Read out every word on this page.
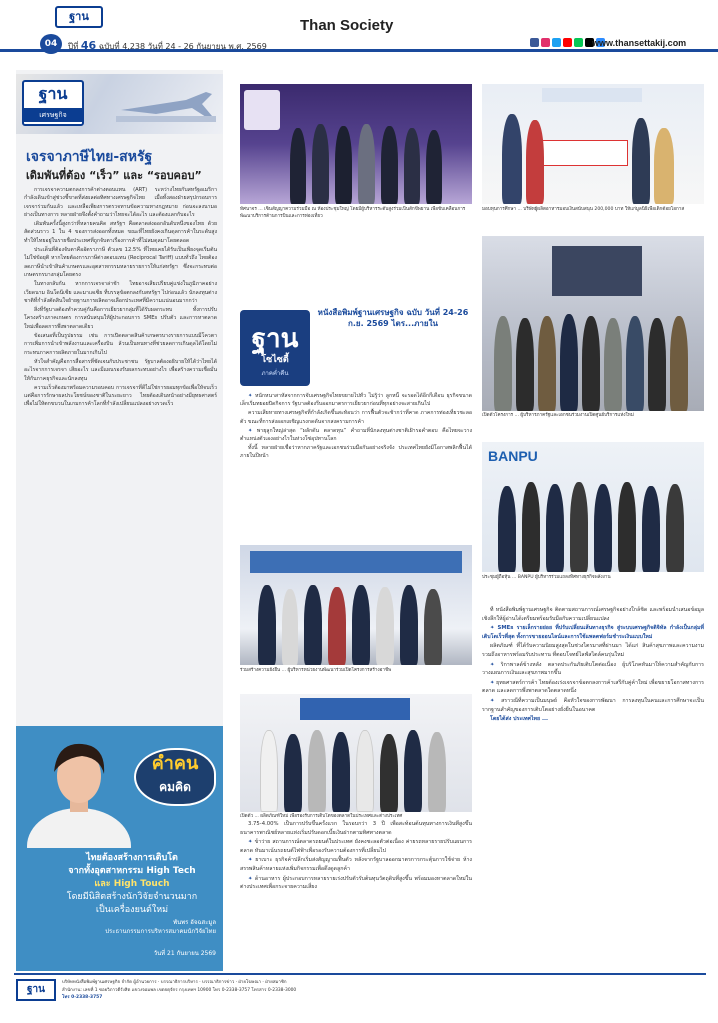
ฐาน	Than Society
04	ปีที่ 46 ฉบับที่ 4,238 วันที่ 24 - 26 กันยายน พ.ศ. 2569	www.thansettakij.com
ฐาน
เศรษฐกิจ
เจรจาภาษีไทย-สหรัฐ
เดิมพันที่ต้อง “เร็ว” และ “รอบคอบ”

การเจรจาความตกลงการค้าต่างตอบแทน (ART) ระหว่างไทยกับสหรัฐอเมริกา กำลังเดินเข้าสู่ช่วงชี้ขาดที่ส่งผลต่อทิศทางเศรษฐกิจไทย เมื่อทั้งสองฝ่ายสรุปกรอบการเจรจาร่วมกันแล้ว และเหลือเพียงการตรวจทานข้อความทางกฎหมาย ก่อนจะลงนามอย่างเป็นทางการ หลายฝ่ายจึงตั้งคำถามว่าไทยจะได้อะไร และต้องแลกกับอะไร

เดิมพันครั้งนี้สูงกว่าที่หลายคนคิด สหรัฐฯ คือตลาดส่งออกอันดับหนึ่งของไทย ด้วยสัดส่วนราว 1 ใน 4 ของการส่งออกทั้งหมด ขณะที่ไทยยังคงเกินดุลการค้าในระดับสูง ทำให้ไทยอยู่ในรายชื่อประเทศที่ถูกจับตาเรื่องการค้าที่ไม่สมดุลมาโดยตลอด

ประเด็นที่ต้องจับตาคืออัตราภาษี ตัวเลข 12.5% ที่ไทยเคยได้รับเป็นเพียงจุดเริ่มต้น ไม่ใช่ข้อยุติ หากไทยต้องการภาษีต่างตอบแทน (Reciprocal Tariff) แบบทั่วถึง ไทยต้องลดภาษีนำเข้าสินค้าเกษตรและอุตสาหกรรมหลายรายการให้แก่สหรัฐฯ ซึ่งจะกระทบต่อเกษตรกรบางกลุ่มโดยตรง

ในทางกลับกัน หากการเจรจาล่าช้า ไทยอาจเสียเปรียบคู่แข่งในภูมิภาคอย่างเวียดนาม อินโดนีเซีย และมาเลเซีย ที่บรรลุข้อตกลงกับสหรัฐฯ ไปก่อนแล้ว นักลงทุนต่างชาติที่กำลังตัดสินใจย้ายฐานการผลิตอาจเลือกประเทศที่มีความแน่นอนมากกว่า

สิ่งที่รัฐบาลต้องทำควบคู่กันคือการเยียวยากลุ่มที่ได้รับผลกระทบ ทั้งการปรับโครงสร้างภาคเกษตร การสนับสนุนให้ผู้ประกอบการ SMEs ปรับตัว และการหาตลาดใหม่เพื่อลดการพึ่งพาตลาดเดียว

ข้อเสนอที่เป็นรูปธรรม เช่น การเปิดตลาดสินค้าเกษตรบางรายการแบบมีโควตา การเพิ่มการนำเข้าพลังงานและเครื่องบิน ล้วนเป็นหนทางที่ช่วยลดการเกินดุลได้โดยไม่กระทบภาคการผลิตภายในมากเกินไป

หัวใจสำคัญคือการสื่อสารที่ชัดเจนกับประชาชน รัฐบาลต้องอธิบายให้ได้ว่าไทยได้อะไรจากการเจรจา เสียอะไร และมีแผนรองรับผลกระทบอย่างไร เพื่อสร้างความเชื่อมั่นให้กับภาคธุรกิจและนักลงทุน

ความเร็วต้องมาพร้อมความรอบคอบ การเจรจาที่ดีไม่ใช่การยอมทุกข้อเพื่อให้จบเร็ว แต่คือการรักษาผลประโยชน์ของชาติในระยะยาว ไทยต้องเดินหน้าอย่างมียุทธศาสตร์ เพื่อไม่ให้ตกขบวนในเกมการค้าโลกที่กำลังเปลี่ยนแปลงอย่างรวดเร็ว

คำคน
คมคิด
ไทยต้องสร้างการเติบโต
จากทั้งอุตสาหกรรม High Tech
และ High Touch
โดยมีนิสิตสร้างนักวิจัยจำนวนมาก
เป็นเครื่องยนต์ใหม่
พันพร อัจฉสะมูล
ประธานกรรมการบริหารสมาคมนักวิจัยไทย
วันที่ 21 กันยายน 2569
ทัศนาจร ... เซ็นสัญญาความร่วมมือ ณ ห้องประชุมใหญ่ โดยมีผู้บริหารระดับสูงร่วมเป็นสักขีพยาน เพื่อขับเคลื่อนการพัฒนาบริการด้านการบินและการท่องเที่ยว
มอบทุนการศึกษา ... บริษัทผู้ผลิตอาหารมอบเงินสนับสนุน 200,000 บาท ให้แก่มูลนิธิเพื่อเด็กด้อยโอกาส
เปิดตัวโครงการ ... ผู้บริหารภาครัฐและเอกชนร่วมงานเปิดศูนย์บริการแห่งใหม่
ร่วมสร้างความยั่งยืน ... ผู้บริหารหน่วยงานพัฒนาร่วมเปิดโครงการสร้างอาชีพ
BANPU
ประชุมผู้ถือหุ้น ... BANPU ผู้บริหารร่วมแถลงทิศทางธุรกิจพลังงาน
เปิดตัว ... ผลิตภัณฑ์ใหม่ เพื่อรองรับการเติบโตของตลาดในประเทศและต่างประเทศ
ฐาน
โซไซตี้
ภาคค่ำคืน
หนังสือพิมพ์ฐานเศรษฐกิจ ฉบับ วันที่ 24-26 ก.ย. 2569 ไตร...ภายใน

✦ หนักหนาสาหัสจากการจับเศรษฐกิจไทยขยายไปทั่ว ไม่รู้ว่า ลูกหนี้ จะรอดได้อีกกี่เดือน ธุรกิจขนาดเล็กเริ่มทยอยปิดกิจการ รัฐบาลต้องรีบออกมาตรการเยียวยาก่อนที่ทุกอย่างจะสายเกินไป

ความเสียหายทางเศรษฐกิจที่กำลังเกิดขึ้นสะท้อนว่า การฟื้นตัวจะช้ากว่าที่คาด ภาคการท่องเที่ยวชะลอตัว ขณะที่การส่งออกเผชิญแรงกดดันจากสงครามการค้า

✦ พายุลูกใหญ่ล่าสุด “ผลักดัน ตลาดทุน” คำถามที่นักลงทุนต่างชาติเฝ้ารอคำตอบ คือไทยจะวางตำแหน่งตัวเองอย่างไรในห่วงโซ่อุปทานโลก

ทั้งนี้ หลายฝ่ายเชื่อว่าหากภาครัฐและเอกชนร่วมมือกันอย่างจริงจัง ประเทศไทยยังมีโอกาสพลิกฟื้นได้ภายในปีหน้า

3.75-4.00% เป็นการปรับขึ้นครั้งแรก ในรอบกว่า 3 ปี เพื่อสะท้อนต้นทุนทางการเงินที่สูงขึ้น ธนาคารพาณิชย์หลายแห่งเริ่มปรับดอกเบี้ยเงินฝากตามทิศทางตลาด

✦ ข้าว่าย สถานการณ์ตลาดรถยนต์ในประเทศ ยังคงชะลอตัวต่อเนื่อง ค่ายรถหลายรายปรับแผนการตลาด หันมาเน้นรถยนต์ไฟฟ้าเพื่อรองรับความต้องการที่เปลี่ยนไป

✦ ยาเบาะ ธุรกิจค้าปลีกเริ่มส่งสัญญาณฟื้นตัว หลังจากรัฐบาลออกมาตรการกระตุ้นการใช้จ่าย ห้างสรรพสินค้าหลายแห่งเพิ่มกิจกรรมเพื่อดึงดูดลูกค้า

✦ ด้านอาหาร ผู้ประกอบการหลายรายเร่งปรับตัวรับต้นทุนวัตถุดิบที่สูงขึ้น พร้อมมองหาตลาดใหม่ในต่างประเทศเพื่อกระจายความเสี่ยง

ที่ หนังสือพิมพ์ฐานเศรษฐกิจ ติดตามสถานการณ์เศรษฐกิจอย่างใกล้ชิด และพร้อมนำเสนอข้อมูลเชิงลึกให้ผู้อ่านได้เตรียมพร้อมรับมือกับความเปลี่ยนแปลง

✦ SMEs รายเล็กรายย่อย ที่ปรับเปลี่ยนเส้นทางธุรกิจ สู่ระบบเศรษฐกิจดิจิทัล กำลังเป็นกลุ่มที่เติบโตเร็วที่สุด ทั้งการขายออนไลน์และการใช้แพลตฟอร์มชำระเงินแบบใหม่

ผลิตภัณฑ์ ที่ได้รับความนิยมสูงสุดในช่วงไตรมาสที่ผ่านมา ได้แก่ สินค้าสุขภาพและความงาม รวมถึงอาหารพร้อมรับประทาน ที่ตอบโจทย์ไลฟ์สไตล์คนรุ่นใหม่

✦ ริกาพาลด์ข้างหลัง ตลาดประกันภัยเติบโตต่อเนื่อง ผู้บริโภคหันมาให้ความสำคัญกับการวางแผนการเงินและสุขภาพมากขึ้น

✦ ยุทธศาสตร์การค้า ไทยต้องเร่งเจรจาข้อตกลงการค้าเสรีกับคู่ค้าใหม่ เพื่อขยายโอกาสทางการตลาด และลดการพึ่งพาตลาดใดตลาดหนึ่ง

✦ สราวณีที่ความเป็นมนุษย์ คือหัวใจของการพัฒนา การลงทุนในคนและการศึกษาจะเป็นรากฐานสำคัญของการเติบโตอย่างยั่งยืนในอนาคต

โดยได้ส่ง ประเทศไทย ...

ฐาน
บริษัทหนังสือพิมพ์ฐานเศรษฐกิจ จำกัด ผู้อำนวยการ · บรรณาธิการบริหาร · บรรณาธิการข่าว · ฝ่ายโฆษณา · ฝ่ายสมาชิก
สำนักงาน: เลขที่ 1 ซอยวิภาวดีรังสิต แขวงจอมพล เขตจตุจักร กรุงเทพฯ 10900 โทร 0-2338-3757 โทรสาร 0-2338-3000
โทร 0-2338-3757
